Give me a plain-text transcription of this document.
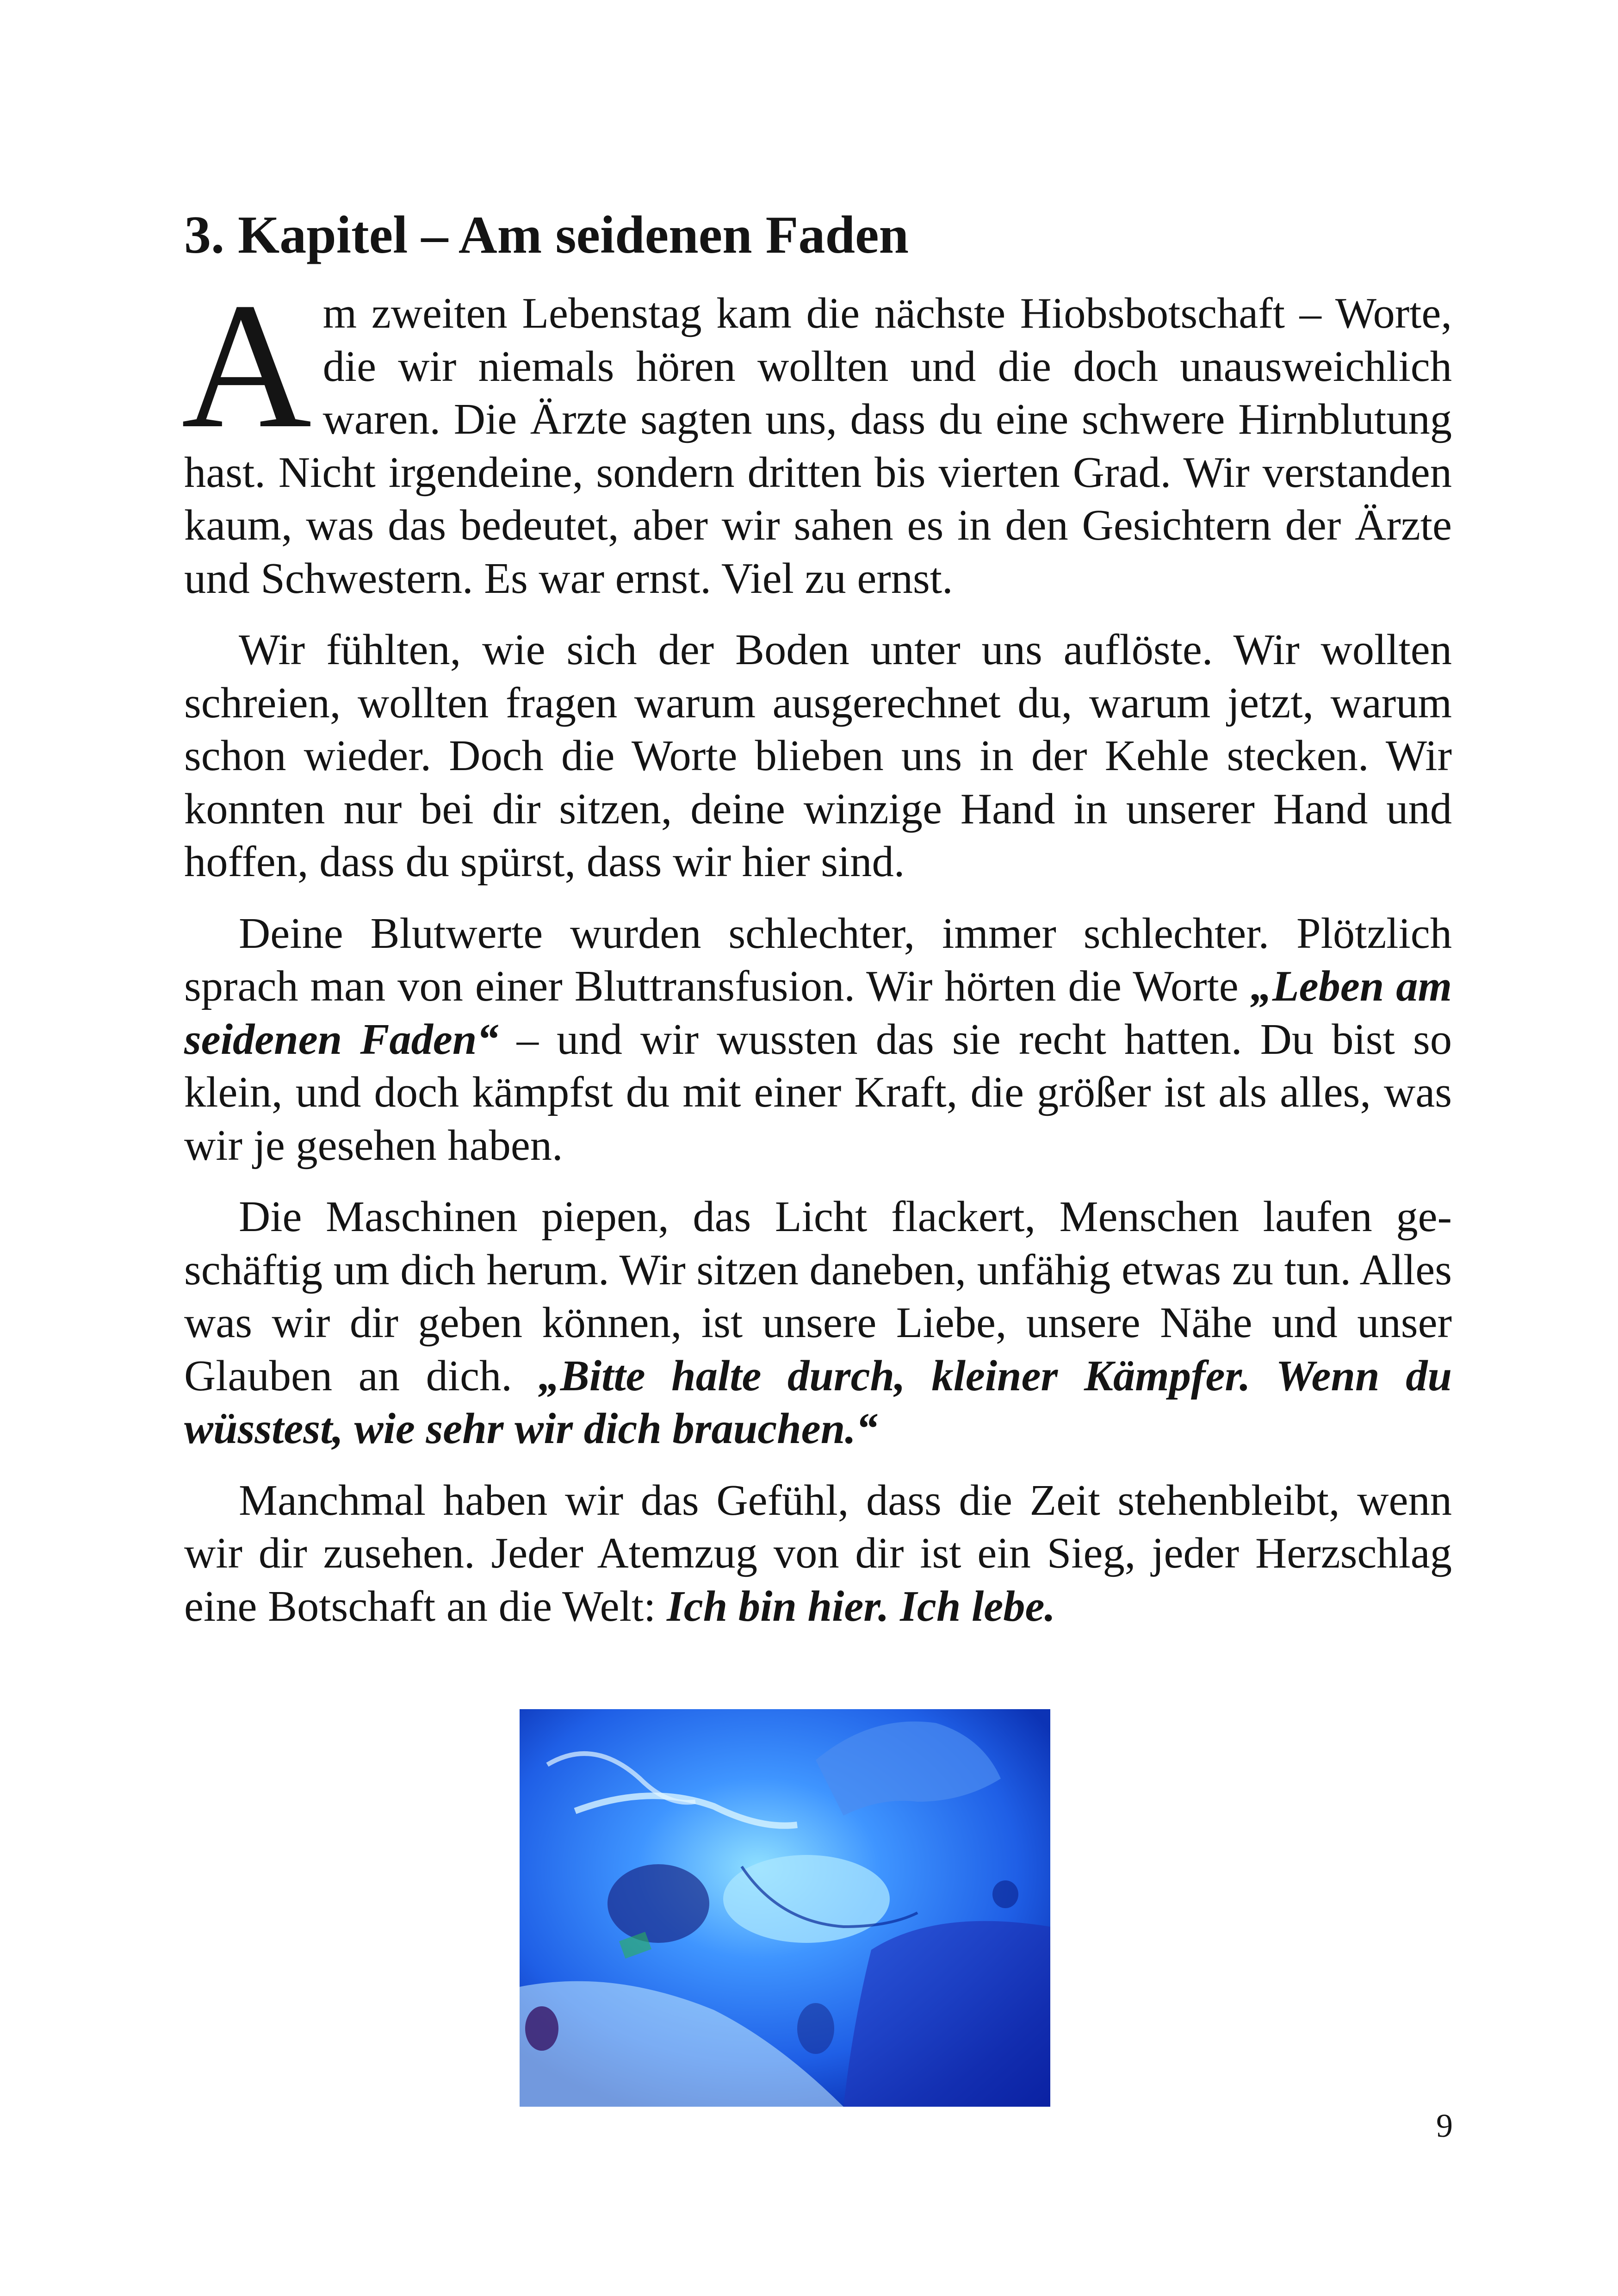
3. Kapitel – Am seidenen Faden

Am zweiten Lebenstag kam die nächste Hiobsbotschaft – Worte, die wir niemals hören wollten und die doch unausweichlich waren. Die Ärzte sagten uns, dass du eine schwere Hirnblutung hast. Nicht irgendeine, sondern dritten bis vierten Grad. Wir verstanden kaum, was das bedeutet, aber wir sahen es in den Gesichtern der Ärzte und Schwestern. Es war ernst. Viel zu ernst.

Wir fühlten, wie sich der Boden unter uns auflöste. Wir wollten schreien, wollten fragen warum ausgerechnet du, warum jetzt, warum schon wieder. Doch die Worte blieben uns in der Kehle stecken. Wir konnten nur bei dir sitzen, deine winzige Hand in unserer Hand und hoffen, dass du spürst, dass wir hier sind.

Deine Blutwerte wurden schlechter, immer schlechter. Plötzlich sprach man von einer Bluttransfusion. Wir hörten die Worte „Leben am seidenen Faden“ – und wir wussten das sie recht hatten. Du bist so klein, und doch kämpfst du mit einer Kraft, die größer ist als alles, was wir je gesehen haben.

Die Maschinen piepen, das Licht flackert, Menschen laufen geschäftig um dich herum. Wir sitzen daneben, unfähig etwas zu tun. Alles was wir dir geben können, ist unsere Liebe, unsere Nähe und unser Glauben an dich. „Bitte halte durch, kleiner Kämpfer. Wenn du wüsstest, wie sehr wir dich brauchen.“

Manchmal haben wir das Gefühl, dass die Zeit stehenbleibt, wenn wir dir zusehen. Jeder Atemzug von dir ist ein Sieg, jeder Herzschlag eine Botschaft an die Welt: Ich bin hier. Ich lebe.

9
